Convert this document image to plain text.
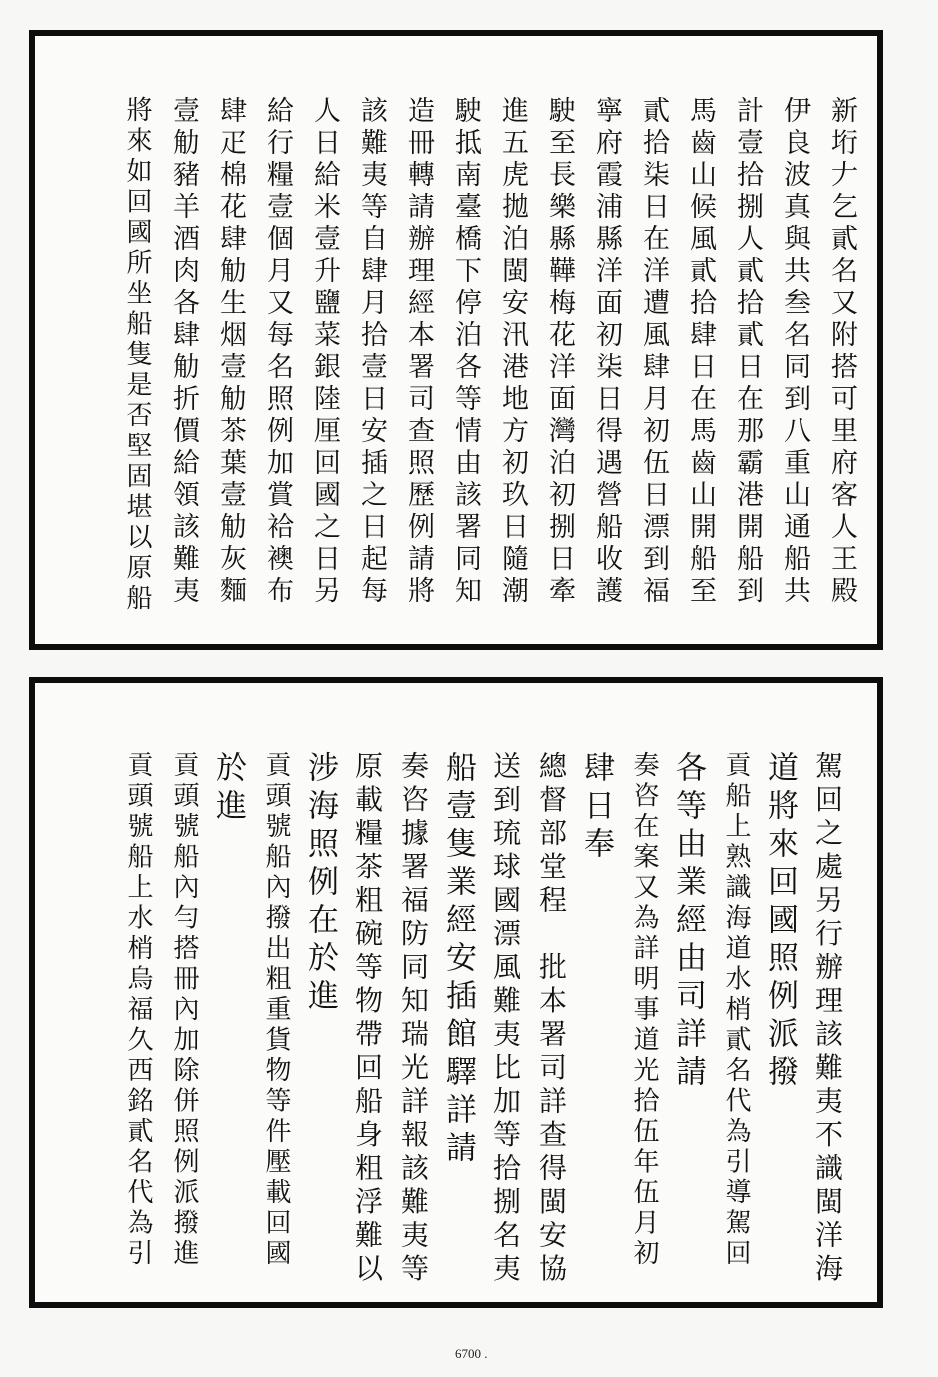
新垳𠂇乞貳名又附搭可里府客人王殿
伊良波真與共叁名同到八重山通船共
計壹拾捌人貳拾貳日在那霸港開船到
馬齒山候風貳拾肆日在馬齒山開船至
貳拾柒日在洋遭風肆月初伍日漂到福
寧府霞浦縣洋面初柒日得遇營船收護
駛至長樂縣鞾梅花洋面灣泊初捌日牽
進五虎拋泊閩安汛港地方初玖日隨潮
駛抵南臺橋下停泊各等情由該署同知
造冊轉請辦理經本署司查照歷例請將
該難夷等自肆月拾壹日安插之日起每
人日給米壹升鹽菜銀陸厘回國之日另
給行糧壹個月又每名照例加賞袷襖布
肆疋棉花肆觔生烟壹觔茶葉壹觔灰麵
壹觔豬羊酒肉各肆觔折價給領該難夷
將來如回國所坐船隻是否堅固堪以原船
駕回之處另行辦理該難夷不識閩洋海
道將來回國照例派撥
貢船上熟識海道水梢貳名代為引導駕回
各等由業經由司詳請
奏咨在案又為詳明事道光拾伍年伍月初
肆日奉
總督部堂程　批本署司詳查得閩安協
送到琉球國漂風難夷比加等拾捌名夷
船壹隻業經安插館驛詳請
奏咨據署福防同知瑞光詳報該難夷等
原載糧茶粗碗等物帶回船身粗浮難以
涉海照例在於進
貢頭號船內撥出粗重貨物等件壓載回國
於進
貢頭號船內勻搭冊內加除併照例派撥進
貢頭號船上水梢烏福久西銘貳名代為引
6700 .
